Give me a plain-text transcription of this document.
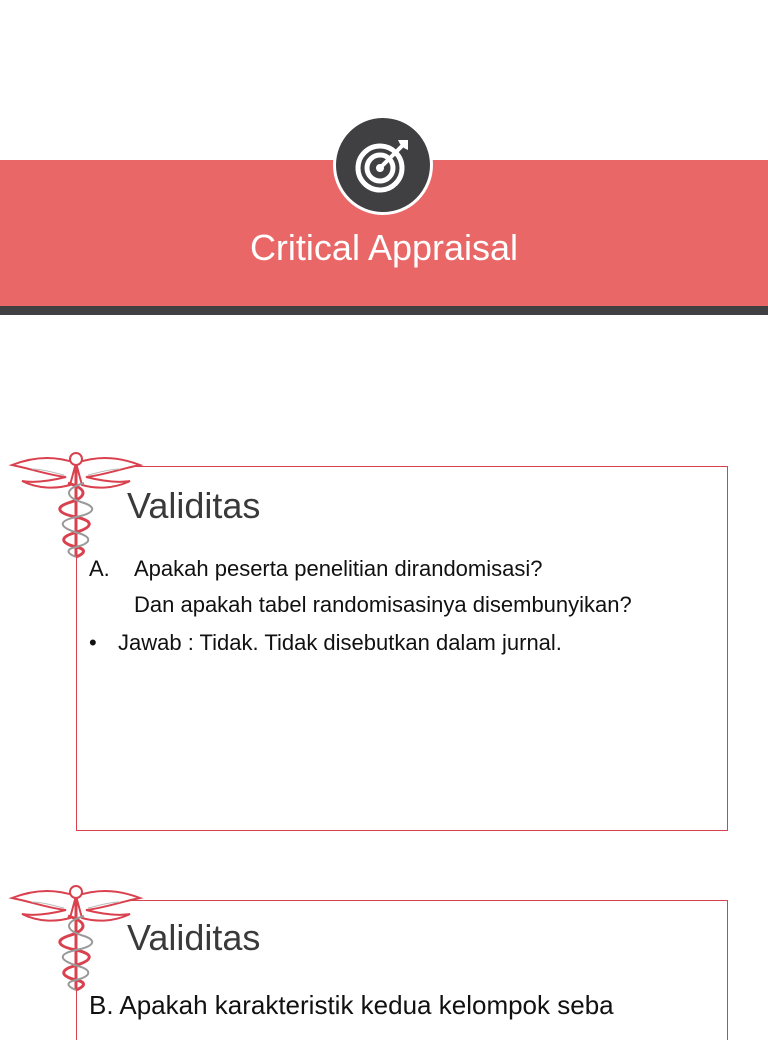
Critical Appraisal
Validitas
A. Apakah peserta penelitian dirandomisasi?
Dan apakah tabel randomisasinya disembunyikan?
• Jawab : Tidak. Tidak disebutkan dalam jurnal.
Validitas
B. Apakah karakteristik kedua kelompok seba
